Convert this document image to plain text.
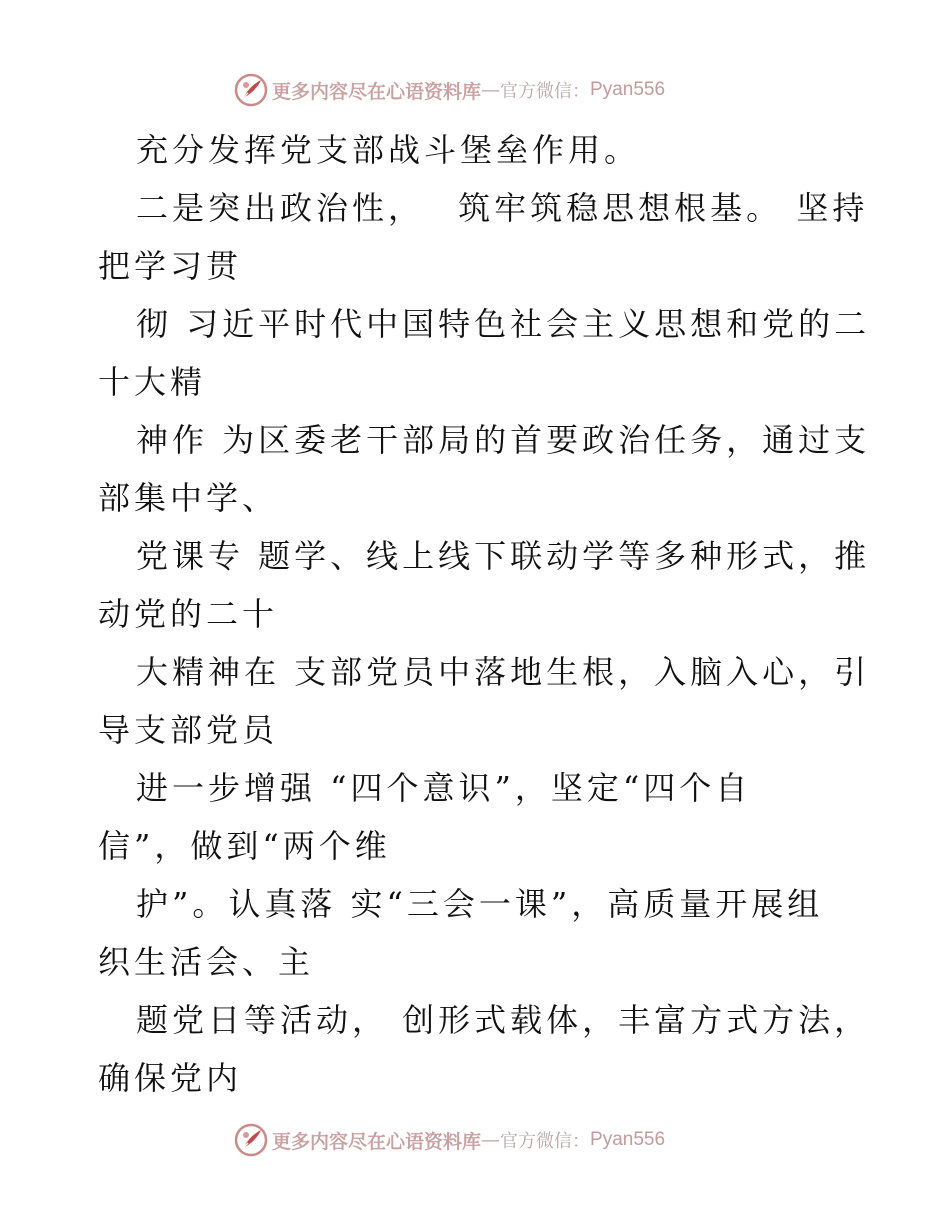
更多内容尽在心语资料库 — 官方微信： Pyan556
充分发挥党支部战斗堡垒作用。
二是突出政治性，　 筑牢筑稳思想根基。 坚持
把学习贯
彻 习近平时代中国特色社会主义思想和党的二
十大精
神作 为区委老干部局的首要政治任务，通过支
部集中学、
党课专 题学、线上线下联动学等多种形式，推
动党的二十
大精神在 支部党员中落地生根，入脑入心，引
导支部党员
进一步增强 “四个意识”，坚定“四个自
信”，做到“两个维
护”。认真落 实“三会一课”，高质量开展组
织生活会、主
题党日等活动， 创形式载体，丰富方式方法，
确保党内
更多内容尽在心语资料库 — 官方微信： Pyan556
